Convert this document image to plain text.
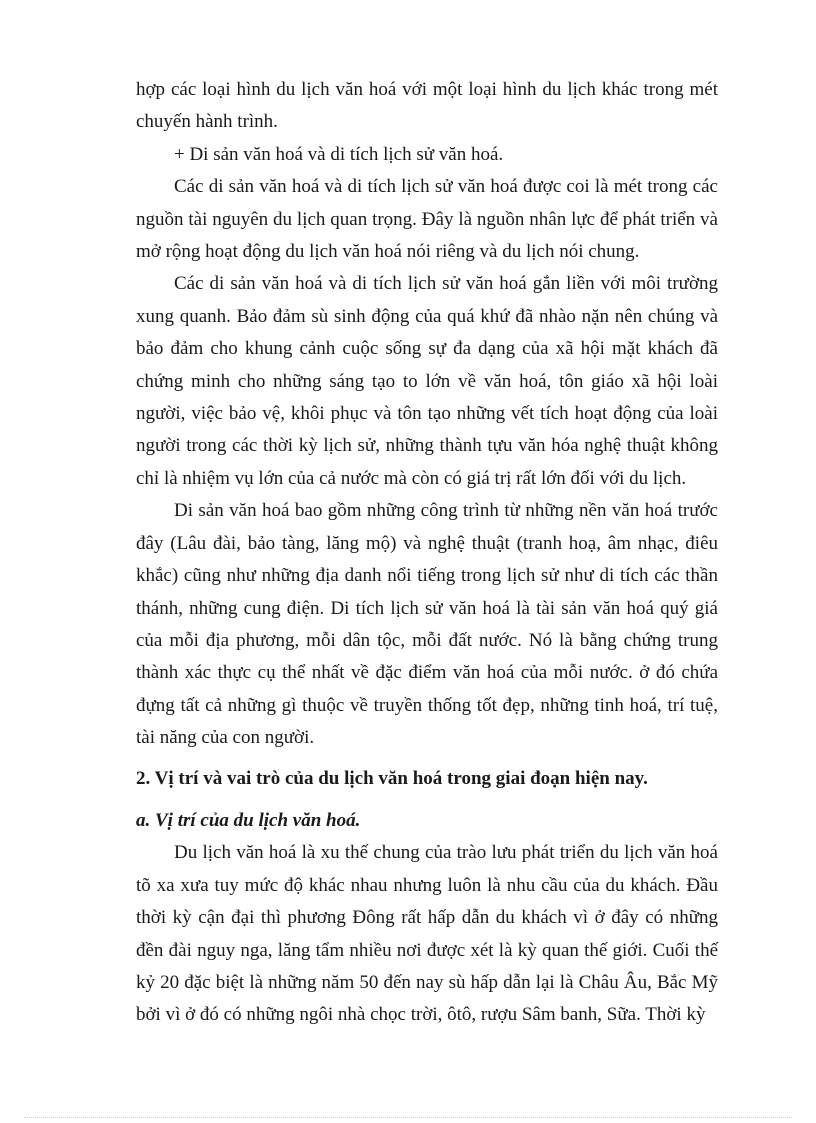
hợp các loại hình du lịch văn hoá với một loại hình du lịch khác trong mét chuyến hành trình.

+ Di sản văn hoá và di tích lịch sử văn hoá.

Các di sản văn hoá và di tích lịch sử văn hoá được coi là mét trong các nguồn tài nguyên du lịch quan trọng. Đây là nguồn nhân lực để phát triển và mở rộng hoạt động du lịch văn hoá nói riêng và du lịch nói chung.

Các di sản văn hoá và di tích lịch sử văn hoá gắn liền với môi trường xung quanh. Bảo đảm sù sinh động của quá khứ đã nhào nặn nên chúng và bảo đảm cho khung cảnh cuộc sống sự đa dạng của xã hội mặt khách đã chứng minh cho những sáng tạo to lớn về văn hoá, tôn giáo xã hội loài người, việc bảo vệ, khôi phục và tôn tạo những vết tích hoạt động của loài người trong các thời kỳ lịch sử, những thành tựu văn hóa nghệ thuật không chỉ là nhiệm vụ lớn của cả nước mà còn có giá trị rất lớn đối với du lịch.

Di sản văn hoá bao gồm những công trình từ những nền văn hoá trước đây (Lâu đài, bảo tàng, lăng mộ) và nghệ thuật (tranh hoạ, âm nhạc, điêu khắc) cũng như những địa danh nổi tiếng trong lịch sử như di tích các thần thánh, những cung điện. Di tích lịch sử văn hoá là tài sản văn hoá quý giá của mỗi địa phương, mỗi dân tộc, mỗi đất nước. Nó là bằng chứng trung thành xác thực cụ thể nhất về đặc điểm văn hoá của mỗi nước. ở đó chứa đựng tất cả những gì thuộc về truyền thống tốt đẹp, những tinh hoá, trí tuệ, tài năng của con người.

2. Vị trí và vai trò của du lịch văn hoá trong giai đoạn hiện nay.

a. Vị trí của du lịch văn hoá.

Du lịch văn hoá là xu thế chung của trào lưu phát triển du lịch văn hoá tõ xa xưa tuy mức độ khác nhau nhưng luôn là nhu cầu của du khách. Đầu thời kỳ cận đại thì phương Đông rất hấp dẫn du khách vì ở đây có những đền đài nguy nga, lăng tẩm nhiều nơi được xét là kỳ quan thế giới. Cuối thế kỷ 20 đặc biệt là những năm 50 đến nay sù hấp dẫn lại là Châu Âu, Bắc Mỹ bởi vì ở đó có những ngôi nhà chọc trời, ôtô, rượu Sâm banh, Sữa. Thời kỳ
